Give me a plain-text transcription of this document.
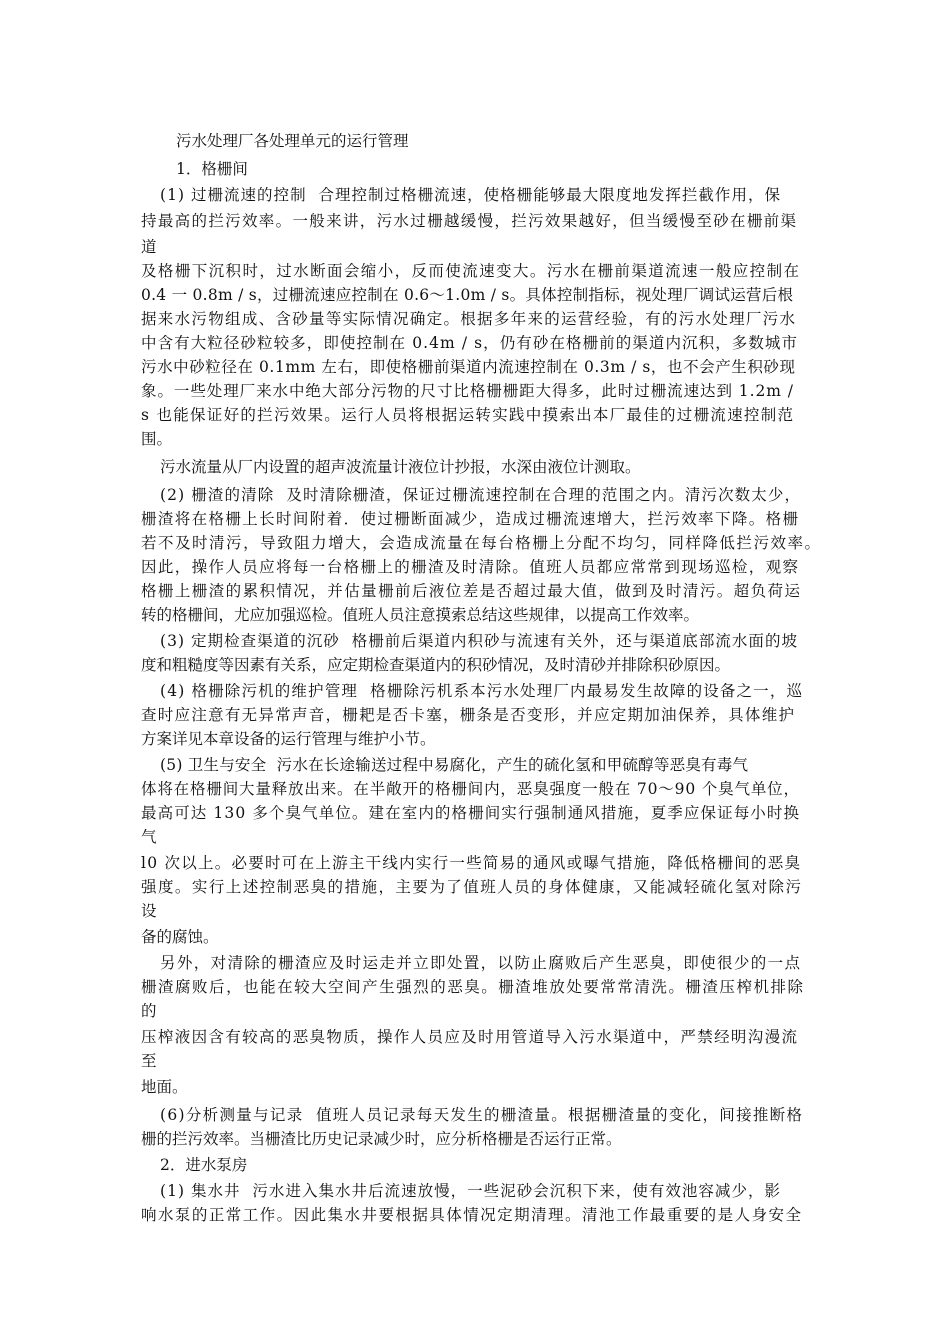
污水处理厂各处理单元的运行管理
1．格栅间
(1) 过栅流速的控制  合理控制过格栅流速，使格栅能够最大限度地发挥拦截作用，保
持最高的拦污效率。一般来讲，污水过栅越缓慢，拦污效果越好，但当缓慢至砂在栅前渠
道
及格栅下沉积时，过水断面会缩小，反而使流速变大。污水在栅前渠道流速一般应控制在
0.4 一 0.8m / s，过栅流速应控制在 0.6～1.0m / s。具体控制指标，视处理厂调试运营后根
据来水污物组成、含砂量等实际情况确定。根据多年来的运营经验，有的污水处理厂污水
中含有大粒径砂粒较多，即使控制在 0.4m / s，仍有砂在格栅前的渠道内沉积，多数城市
污水中砂粒径在 0.1mm 左右，即使格栅前渠道内流速控制在 0.3m / s，也不会产生积砂现
象。一些处理厂来水中绝大部分污物的尺寸比格栅栅距大得多，此时过栅流速达到 1.2m /
s 也能保证好的拦污效果。运行人员将根据运转实践中摸索出本厂最佳的过栅流速控制范
围。
污水流量从厂内设置的超声波流量计液位计抄报，水深由液位计测取。
(2) 栅渣的清除  及时清除栅渣，保证过栅流速控制在合理的范围之内。清污次数太少，
栅渣将在格栅上长时间附着．使过栅断面减少，造成过栅流速增大，拦污效率下降。格栅
若不及时清污，导致阻力增大，会造成流量在每台格栅上分配不均匀，同样降低拦污效率。
因此，操作人员应将每一台格栅上的栅渣及时清除。值班人员都应常常到现场巡检，观察
格栅上栅渣的累积情况，并估量栅前后液位差是否超过最大值，做到及时清污。超负荷运
转的格栅间，尤应加强巡检。值班人员注意摸索总结这些规律，以提高工作效率。
(3) 定期检查渠道的沉砂  格栅前后渠道内积砂与流速有关外，还与渠道底部流水面的坡
度和粗糙度等因素有关系，应定期检查渠道内的积砂情况，及时清砂并排除积砂原因。
(4) 格栅除污机的维护管理  格栅除污机系本污水处理厂内最易发生故障的设备之一，巡
查时应注意有无异常声音，栅耙是否卡塞，栅条是否变形，并应定期加油保养，具体维护
方案详见本章设备的运行管理与维护小节。
(5) 卫生与安全  污水在长途输送过程中易腐化，产生的硫化氢和甲硫醇等恶臭有毒气
体将在格栅间大量释放出来。在半敞开的格栅间内，恶臭强度一般在 70～90 个臭气单位，
最高可达 130 多个臭气单位。建在室内的格栅间实行强制通风措施，夏季应保证每小时换
气
l0 次以上。必要时可在上游主干线内实行一些简易的通风或曝气措施，降低格栅间的恶臭
强度。实行上述控制恶臭的措施，主要为了值班人员的身体健康，又能减轻硫化氢对除污
设
备的腐蚀。
另外，对清除的栅渣应及时运走并立即处置，以防止腐败后产生恶臭，即使很少的一点
栅渣腐败后，也能在较大空间产生强烈的恶臭。栅渣堆放处要常常清洗。栅渣压榨机排除
的
压榨液因含有较高的恶臭物质，操作人员应及时用管道导入污水渠道中，严禁经明沟漫流
至
地面。
(6)分析测量与记录  值班人员记录每天发生的栅渣量。根据栅渣量的变化，间接推断格
栅的拦污效率。当栅渣比历史记录减少时，应分析格栅是否运行正常。
2．进水泵房
(1) 集水井  污水进入集水井后流速放慢，一些泥砂会沉积下来，使有效池容减少，影
响水泵的正常工作。因此集水井要根据具体情况定期清理。清池工作最重要的是人身安全
